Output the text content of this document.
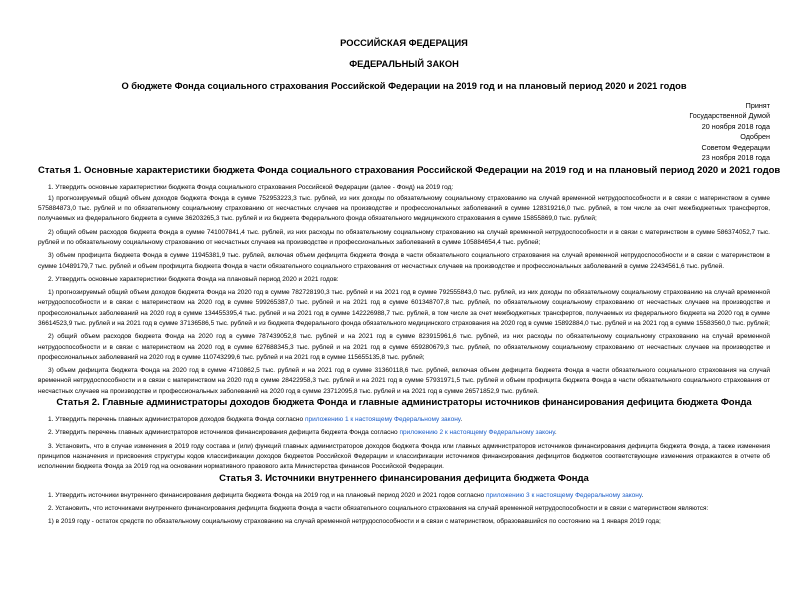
РОССИЙСКАЯ ФЕДЕРАЦИЯ

ФЕДЕРАЛЬНЫЙ ЗАКОН

О бюджете Фонда социального страхования Российской Федерации на 2019 год и на плановый период 2020 и 2021 годов

Принят
Государственной Думой
20 ноября 2018 года
Одобрен
Советом Федерации
23 ноября 2018 года

Статья 1. Основные характеристики бюджета Фонда социального страхования Российской Федерации на 2019 год и на плановый период 2020 и 2021 годов

1. Утвердить основные характеристики бюджета Фонда социального страхования Российской Федерации (далее - Фонд) на 2019 год:

1) прогнозируемый общий объем доходов бюджета Фонда в сумме 752953223,3 тыс. рублей, из них доходы по обязательному социальному страхованию на случай временной нетрудоспособности и в связи с материнством в сумме 575884873,0 тыс. рублей и по обязательному социальному страхованию от несчастных случаев на производстве и профессиональных заболеваний в сумме 128319216,0 тыс. рублей, в том числе за счет межбюджетных трансфертов, получаемых из федерального бюджета в сумме 36203265,3 тыс. рублей и из бюджета Федерального фонда обязательного медицинского страхования в сумме 15855869,0 тыс. рублей;

2) общий объем расходов бюджета Фонда в сумме 741007841,4 тыс. рублей, из них расходы по обязательному социальному страхованию на случай временной нетрудоспособности и в связи с материнством в сумме 586374052,7 тыс. рублей и по обязательному социальному страхованию от несчастных случаев на производстве и профессиональных заболеваний в сумме 105884654,4 тыс. рублей;

3) объем профицита бюджета Фонда в сумме 11945381,9 тыс. рублей, включая объем дефицита бюджета Фонда в части обязательного социального страхования на случай временной нетрудоспособности и в связи с материнством в сумме 10489179,7 тыс. рублей и объем профицита бюджета Фонда в части обязательного социального страхования от несчастных случаев на производстве и профессиональных заболеваний в сумме 22434561,6 тыс. рублей.

2. Утвердить основные характеристики бюджета Фонда на плановый период 2020 и 2021 годов:

1) прогнозируемый общий объем доходов бюджета Фонда на 2020 год в сумме 782728190,3 тыс. рублей и на 2021 год в сумме 792555843,0 тыс. рублей, из них доходы по обязательному социальному страхованию на случай временной нетрудоспособности и в связи с материнством на 2020 год в сумме 599265387,0 тыс. рублей и на 2021 год в сумме 601348707,8 тыс. рублей, по обязательному социальному страхованию от несчастных случаев на производстве и профессиональных заболеваний на 2020 год в сумме 134455395,4 тыс. рублей и на 2021 год в сумме 142226988,7 тыс. рублей, в том числе за счет межбюджетных трансфертов, получаемых из федерального бюджета на 2020 год в сумме 36614523,9 тыс. рублей и на 2021 год в сумме 37136586,5 тыс. рублей и из бюджета Федерального фонда обязательного медицинского страхования на 2020 год в сумме 15892884,0 тыс. рублей и на 2021 год в сумме 15583560,0 тыс. рублей;

2) общий объем расходов бюджета Фонда на 2020 год в сумме 787439052,8 тыс. рублей и на 2021 год в сумме 823915961,6 тыс. рублей, из них расходы по обязательному социальному страхованию на случай временной нетрудоспособности и в связи с материнством на 2020 год в сумме 627688345,3 тыс. рублей и на 2021 год в сумме 659280679,3 тыс. рублей, по обязательному социальному страхованию от несчастных случаев на производстве и профессиональных заболеваний на 2020 год в сумме 110743299,6 тыс. рублей и на 2021 год в сумме 115655135,8 тыс. рублей;

3) объем дефицита бюджета Фонда на 2020 год в сумме 4710862,5 тыс. рублей и на 2021 год в сумме 31360118,6 тыс. рублей, включая объем дефицита бюджета Фонда в части обязательного социального страхования на случай временной нетрудоспособности и в связи с материнством на 2020 год в сумме 28422958,3 тыс. рублей и на 2021 год в сумме 57931971,5 тыс. рублей и объем профицита бюджета Фонда в части обязательного социального страхования от несчастных случаев на производстве и профессиональных заболеваний на 2020 год в сумме 23712095,8 тыс. рублей и на 2021 год в сумме 26571852,9 тыс. рублей.

Статья 2. Главные администраторы доходов бюджета Фонда и главные администраторы источников финансирования дефицита бюджета Фонда

1. Утвердить перечень главных администраторов доходов бюджета Фонда согласно приложению 1 к настоящему Федеральному закону.

2. Утвердить перечень главных администраторов источников финансирования дефицита бюджета Фонда согласно приложению 2 к настоящему Федеральному закону.

3. Установить, что в случае изменения в 2019 году состава и (или) функций главных администраторов доходов бюджета Фонда или главных администраторов источников финансирования дефицита бюджета Фонда, а также изменения принципов назначения и присвоения структуры кодов классификации доходов бюджетов Российской Федерации и классификации источников финансирования дефицитов бюджетов соответствующие изменения отражаются в отчете об исполнении бюджета Фонда за 2019 год на основании нормативного правового акта Министерства финансов Российской Федерации.

Статья 3. Источники внутреннего финансирования дефицита бюджета Фонда

1. Утвердить источники внутреннего финансирования дефицита бюджета Фонда на 2019 год и на плановый период 2020 и 2021 годов согласно приложению 3 к настоящему Федеральному закону.

2. Установить, что источниками внутреннего финансирования дефицита бюджета Фонда в части обязательного социального страхования на случай временной нетрудоспособности и в связи с материнством являются:

1) в 2019 году - остаток средств по обязательному социальному страхованию на случай временной нетрудоспособности и в связи с материнством, образовавшийся по состоянию на 1 января 2019 года;
